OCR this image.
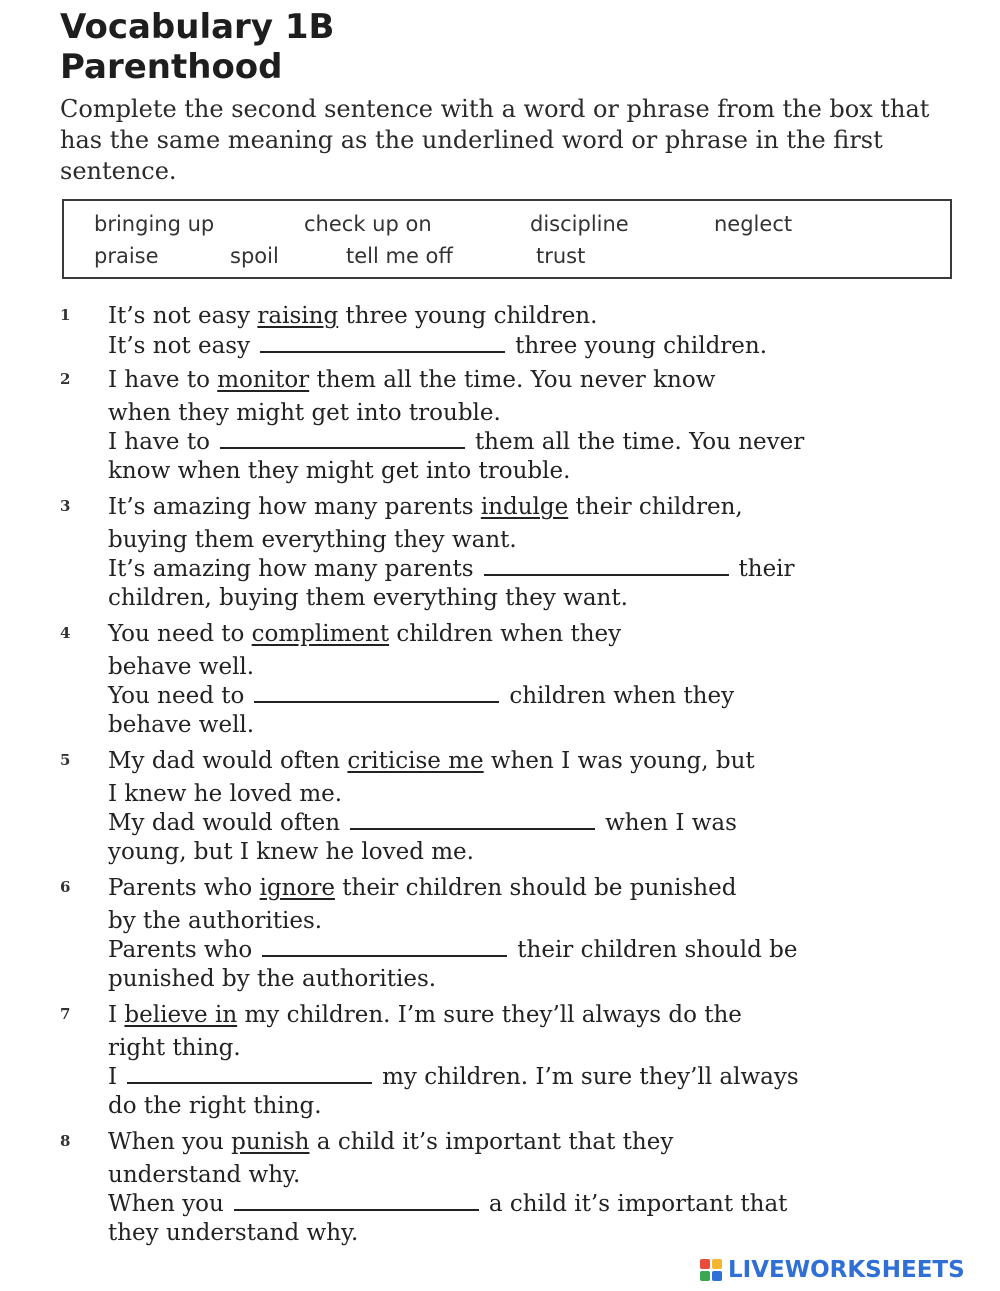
Vocabulary 1B
Parenthood

Complete the second sentence with a word or phrase from the box that has the same meaning as the underlined word or phrase in the first sentence.

bringing up	check up on	discipline	neglect
praise	spoil	tell me off	trust
1 It’s not easy raising three young children.
It’s not easy	three young children.
2 I have to monitor them all the time. You never know
when they might get into trouble.
I have to	them all the time. You never
know when they might get into trouble.
3 It’s amazing how many parents indulge their children,
buying them everything they want.
It’s amazing how many parents	their
children, buying them everything they want.
4 You need to compliment children when they
behave well.
You need to	children when they
behave well.
5 My dad would often criticise me when I was young, but
I knew he loved me.
My dad would often	when I was
young, but I knew he loved me.
6 Parents who ignore their children should be punished
by the authorities.
Parents who	their children should be
punished by the authorities.
7 I believe in my children. I’m sure they’ll always do the
right thing.
I	my children. I’m sure they’ll always
do the right thing.
8 When you punish a child it’s important that they
understand why.
When you	a child it’s important that
they understand why.
LIVEWORKSHEETS
